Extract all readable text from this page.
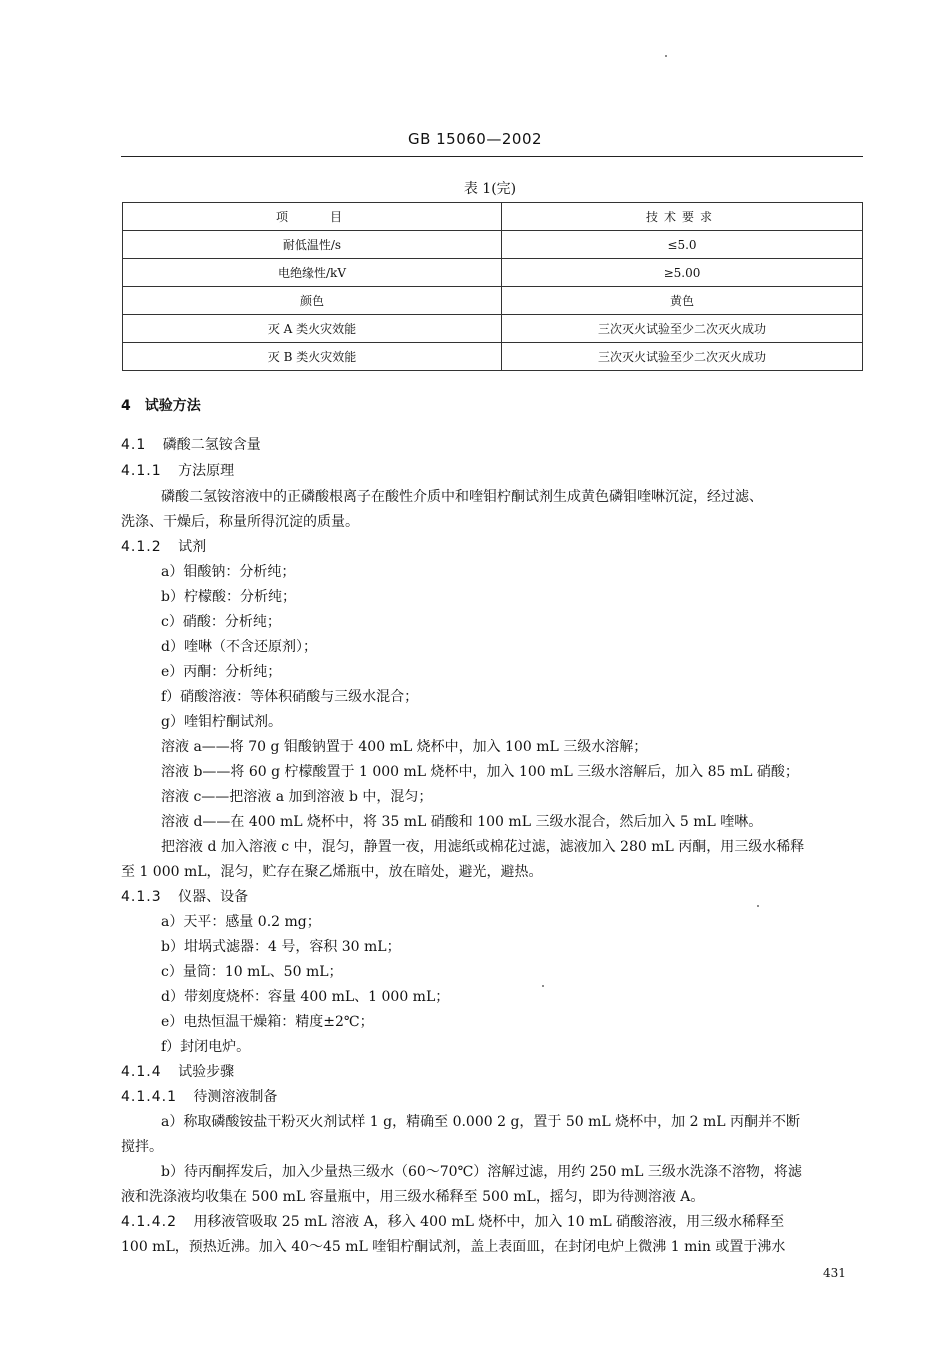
GB 15060—2002
表 1(完)
项　　目	技术要求
耐低温性/s	≤5.0
电绝缘性/kV	≥5.00
颜色	黄色
灭 A 类火灾效能	三次灭火试验至少二次灭火成功
灭 B 类火灾效能	三次灭火试验至少二次灭火成功
4　试验方法
4.1 磷酸二氢铵含量
4.1.1 方法原理
磷酸二氢铵溶液中的正磷酸根离子在酸性介质中和喹钼柠酮试剂生成黄色磷钼喹啉沉淀，经过滤、
洗涤、干燥后，称量所得沉淀的质量。
4.1.2 试剂
a）钼酸钠：分析纯；
b）柠檬酸：分析纯；
c）硝酸：分析纯；
d）喹啉（不含还原剂）；
e）丙酮：分析纯；
f）硝酸溶液：等体积硝酸与三级水混合；
g）喹钼柠酮试剂。
溶液 a——将 70 g 钼酸钠置于 400 mL 烧杯中，加入 100 mL 三级水溶解；
溶液 b——将 60 g 柠檬酸置于 1 000 mL 烧杯中，加入 100 mL 三级水溶解后，加入 85 mL 硝酸；
溶液 c——把溶液 a 加到溶液 b 中，混匀；
溶液 d——在 400 mL 烧杯中，将 35 mL 硝酸和 100 mL 三级水混合，然后加入 5 mL 喹啉。
把溶液 d 加入溶液 c 中，混匀，静置一夜，用滤纸或棉花过滤，滤液加入 280 mL 丙酮，用三级水稀释
至 1 000 mL，混匀，贮存在聚乙烯瓶中，放在暗处，避光，避热。
4.1.3 仪器、设备
a）天平：感量 0.2 mg；
b）坩埚式滤器：4 号，容积 30 mL；
c）量筒：10 mL、50 mL；
d）带刻度烧杯：容量 400 mL、1 000 mL；
e）电热恒温干燥箱：精度±2℃；
f）封闭电炉。
4.1.4 试验步骤
4.1.4.1 待测溶液制备
a）称取磷酸铵盐干粉灭火剂试样 1 g，精确至 0.000 2 g，置于 50 mL 烧杯中，加 2 mL 丙酮并不断
搅拌。
b）待丙酮挥发后，加入少量热三级水（60～70℃）溶解过滤，用约 250 mL 三级水洗涤不溶物，将滤
液和洗涤液均收集在 500 mL 容量瓶中，用三级水稀释至 500 mL，摇匀，即为待测溶液 A。
4.1.4.2 用移液管吸取 25 mL 溶液 A，移入 400 mL 烧杯中，加入 10 mL 硝酸溶液，用三级水稀释至
100 mL，预热近沸。加入 40～45 mL 喹钼柠酮试剂，盖上表面皿，在封闭电炉上微沸 1 min 或置于沸水
431
